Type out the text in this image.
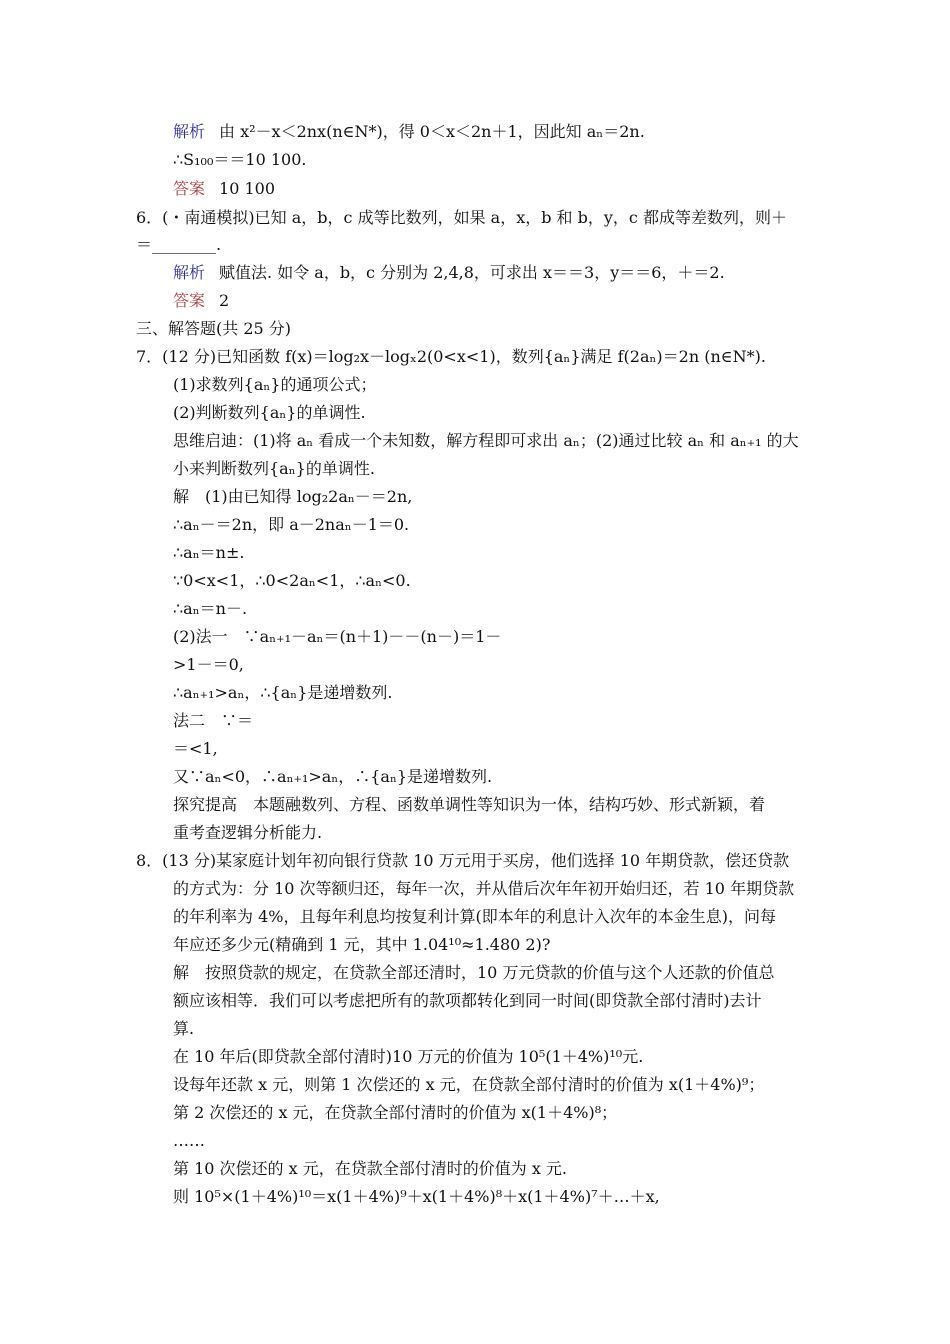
解析 由 x²－x＜2nx(n∈N*)，得 0＜x＜2n＋1，因此知 aₙ＝2n.
∴S₁₀₀＝＝10 100.
答案 10 100
6．(・南通模拟)已知 a，b，c 成等比数列，如果 a，x，b 和 b，y，c 都成等差数列，则＋
＝________.
解析 赋值法. 如令 a，b，c 分别为 2,4,8，可求出 x＝＝3，y＝＝6，＋＝2.
答案 2
三、解答题(共 25 分)
7．(12 分)已知函数 f(x)＝log₂x－logₓ2(0<x<1)，数列{aₙ}满足 f(2aₙ)＝2n (n∈N*).
(1)求数列{aₙ}的通项公式；
(2)判断数列{aₙ}的单调性.
思维启迪：(1)将 aₙ 看成一个未知数，解方程即可求出 aₙ；(2)通过比较 aₙ 和 aₙ₊₁ 的大
小来判断数列{aₙ}的单调性.
解　(1)由已知得 log₂2aₙ－＝2n,
∴aₙ－＝2n，即 a－2naₙ－1＝0.
∴aₙ＝n±.
∵0<x<1，∴0<2aₙ<1，∴aₙ<0.
∴aₙ＝n－.
(2)法一　∵aₙ₊₁－aₙ＝(n＋1)－－(n－)＝1－
>1－＝0,
∴aₙ₊₁>aₙ，∴{aₙ}是递增数列.
法二　∵＝
＝<1,
又∵aₙ<0，∴aₙ₊₁>aₙ，∴{aₙ}是递增数列.
探究提高　本题融数列、方程、函数单调性等知识为一体，结构巧妙、形式新颖，着
重考查逻辑分析能力.
8．(13 分)某家庭计划年初向银行贷款 10 万元用于买房，他们选择 10 年期贷款，偿还贷款
的方式为：分 10 次等额归还，每年一次，并从借后次年年初开始归还，若 10 年期贷款
的年利率为 4%，且每年利息均按复利计算(即本年的利息计入次年的本金生息)，问每
年应还多少元(精确到 1 元，其中 1.04¹⁰≈1.480 2)?
解　按照贷款的规定，在贷款全部还清时，10 万元贷款的价值与这个人还款的价值总
额应该相等．我们可以考虑把所有的款项都转化到同一时间(即贷款全部付清时)去计
算.
在 10 年后(即贷款全部付清时)10 万元的价值为 10⁵(1＋4%)¹⁰元.
设每年还款 x 元，则第 1 次偿还的 x 元，在贷款全部付清时的价值为 x(1＋4%)⁹；
第 2 次偿还的 x 元，在贷款全部付清时的价值为 x(1＋4%)⁸；
……
第 10 次偿还的 x 元，在贷款全部付清时的价值为 x 元.
则 10⁵×(1＋4%)¹⁰＝x(1＋4%)⁹＋x(1＋4%)⁸＋x(1＋4%)⁷＋…＋x,
